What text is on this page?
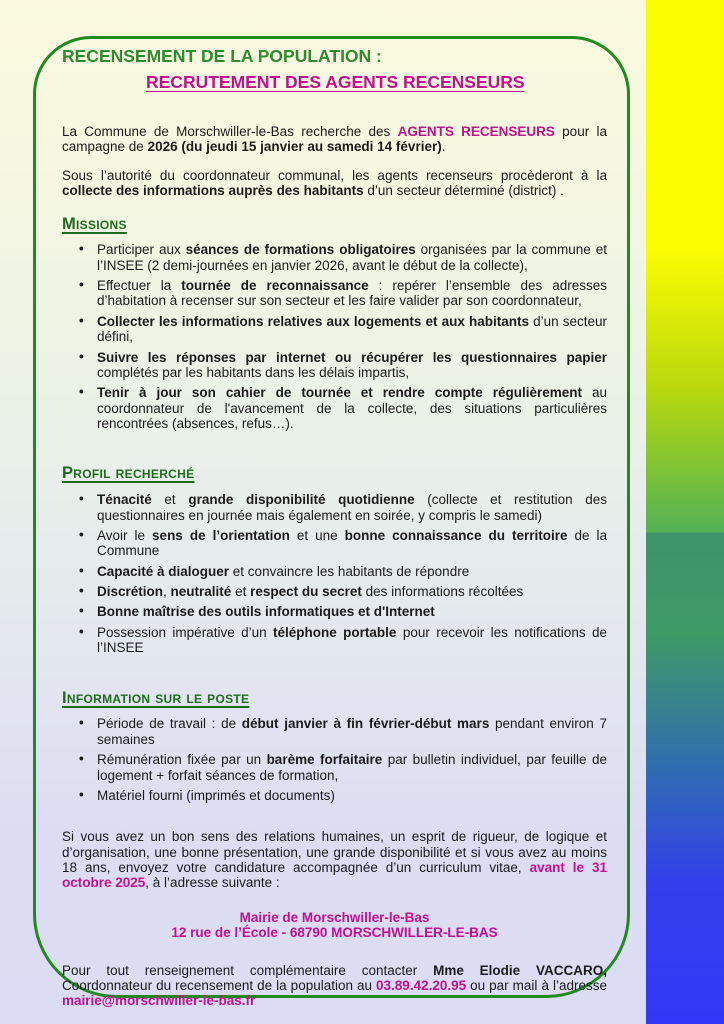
RECENSEMENT DE LA POPULATION :
RECRUTEMENT DES AGENTS RECENSEURS

La Commune de Morschwiller-le-Bas recherche des AGENTS RECENSEURS pour la campagne de 2026 (du jeudi 15 janvier au samedi 14 février).

Sous l’autorité du coordonnateur communal, les agents recenseurs procèderont à la collecte des informations auprès des habitants d’un secteur déterminé (district) .

Missions
• Participer aux séances de formations obligatoires organisées par la commune et l’INSEE (2 demi-journées en janvier 2026, avant le début de la collecte),
• Effectuer la tournée de reconnaissance : repérer l’ensemble des adresses d’habitation à recenser sur son secteur et les faire valider par son coordonnateur,
• Collecter les informations relatives aux logements et aux habitants d’un secteur défini,
• Suivre les réponses par internet ou récupérer les questionnaires papier complétés par les habitants dans les délais impartis,
• Tenir à jour son cahier de tournée et rendre compte régulièrement au coordonnateur de l'avancement de la collecte, des situations particulières rencontrées (absences, refus…).
Profil recherché
• Ténacité et grande disponibilité quotidienne (collecte et restitution des questionnaires en journée mais également en soirée, y compris le samedi)
• Avoir le sens de l’orientation et une bonne connaissance du territoire de la Commune
• Capacité à dialoguer et convaincre les habitants de répondre
• Discrétion, neutralité et respect du secret des informations récoltées
• Bonne maîtrise des outils informatiques et d'Internet
• Possession impérative d’un téléphone portable pour recevoir les notifications de l’INSEE
Information sur le poste
• Période de travail : de début janvier à fin février-début mars pendant environ 7 semaines
• Rémunération fixée par un barème forfaitaire par bulletin individuel, par feuille de logement + forfait séances de formation,
• Matériel fourni (imprimés et documents)

Si vous avez un bon sens des relations humaines, un esprit de rigueur, de logique et d’organisation, une bonne présentation, une grande disponibilité et si vous avez au moins 18 ans, envoyez votre candidature accompagnée d’un curriculum vitae, avant le 31 octobre 2025, à l’adresse suivante :

Mairie de Morschwiller-le-Bas
12 rue de l’École - 68790 MORSCHWILLER-LE-BAS

Pour tout renseignement complémentaire contacter Mme Elodie VACCARO, Coordonnateur du recensement de la population au 03.89.42.20.95 ou par mail à l’adresse mairie@morschwiller-le-bas.fr
